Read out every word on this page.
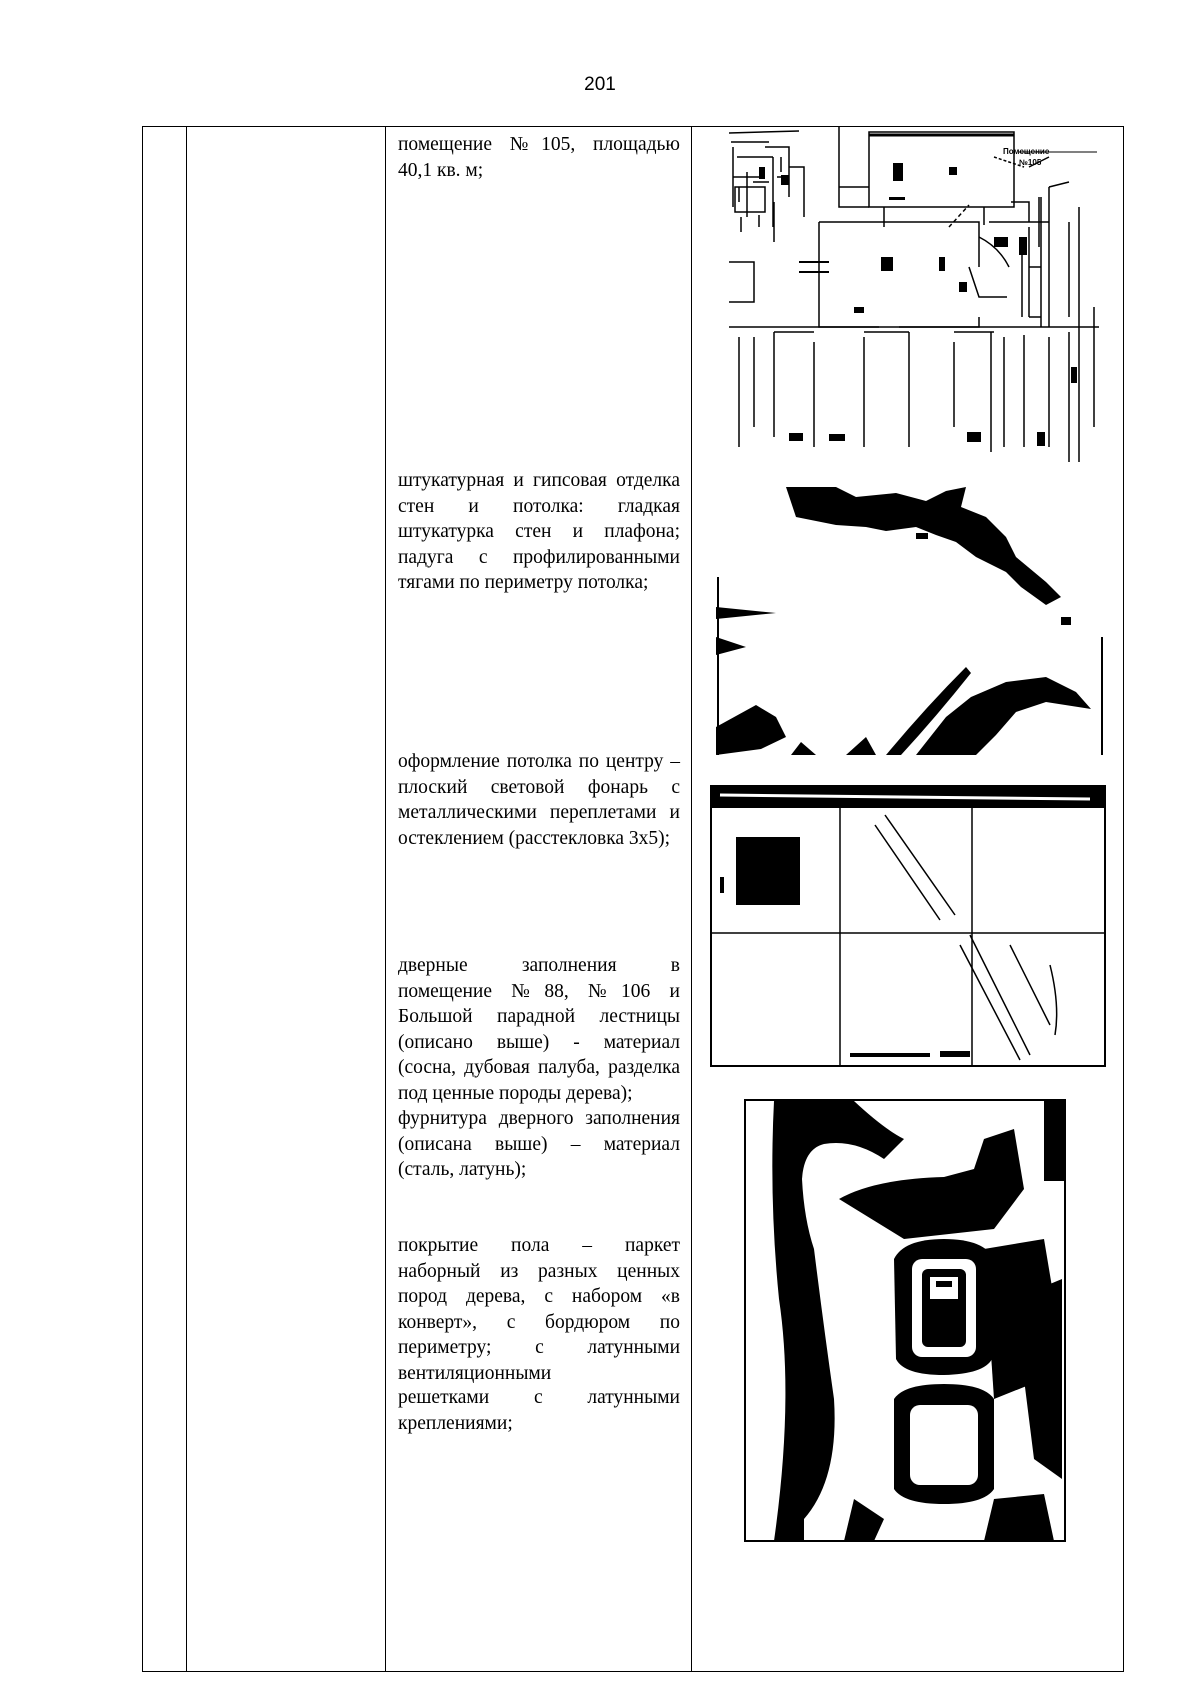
201

помещение №105, площадью 40,1 кв. м;
штукатурная и гипсовая отделка стен и потолка: гладкая штукатурка стен и плафона; падуга с профилированными тягами по периметру потолка;
оформление потолка по центру – плоский световой фонарь с металлическими переплетами и остеклением (расстекловка 3х5);
дверные заполнения в помещение №88, №106 и Большой парадной лестницы (описано выше) - материал (сосна, дубовая палуба, разделка под ценные породы дерева);
фурнитура дверного заполнения (описана выше) – материал (сталь, латунь);
покрытие пола – паркет наборный из разных ценных пород дерева, с набором «в конверт», с бордюром по периметру; с латунными вентиляционными
решетками с латунными креплениями;

Помещение
№105
